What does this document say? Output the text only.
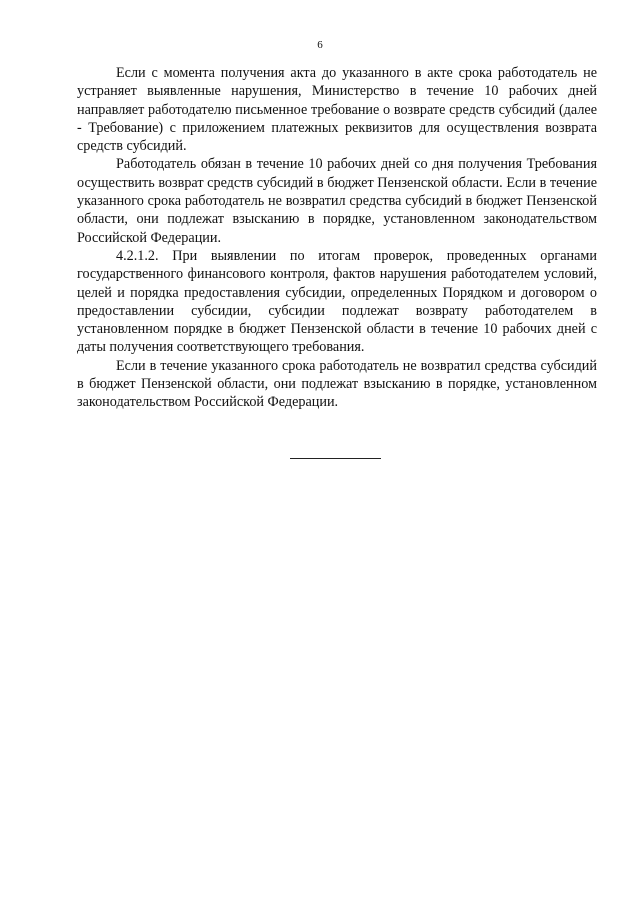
6

Если с момента получения акта до указанного в акте срока работодатель не устраняет выявленные нарушения, Министерство в течение 10 рабочих дней направляет работодателю письменное требование о возврате средств субсидий (далее - Требование) с приложением платежных реквизитов для осуществления возврата средств субсидий.

Работодатель обязан в течение 10 рабочих дней со дня получения Требования осуществить возврат средств субсидий в бюджет Пензенской области. Если в течение указанного срока работодатель не возвратил средства субсидий в бюджет Пензенской области, они подлежат взысканию в порядке, установленном законодательством Российской Федерации.

4.2.1.2. При выявлении по итогам проверок, проведенных органами государственного финансового контроля, фактов нарушения работодателем условий, целей и порядка предоставления субсидии, определенных Порядком и договором о предоставлении субсидии, субсидии подлежат возврату работодателем в установленном порядке в бюджет Пензенской области в течение 10 рабочих дней с даты получения соответствующего требования.

Если в течение указанного срока работодатель не возвратил средства субсидий в бюджет Пензенской области, они подлежат взысканию в порядке, установленном законодательством Российской Федерации.
